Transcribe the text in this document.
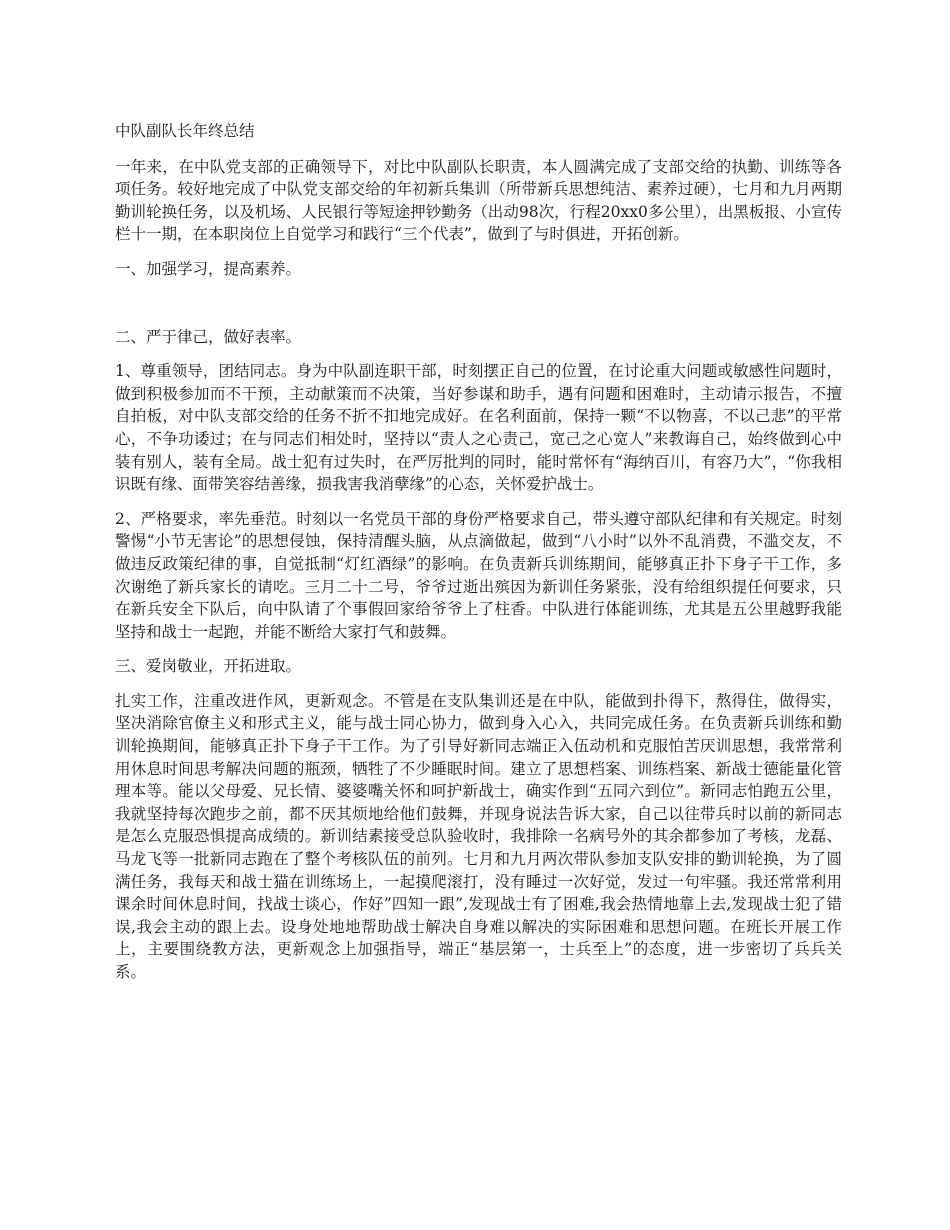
中队副队长年终总结

一年来，在中队党支部的正确领导下，对比中队副队长职责，本人圆满完成了支部交给的执勤、训练等各项任务。较好地完成了中队党支部交给的年初新兵集训（所带新兵思想纯洁、素养过硬），七月和九月两期勤训轮换任务，以及机场、人民银行等短途押钞勤务（出动98次，行程20xx0多公里），出黑板报、小宣传栏十一期，在本职岗位上自觉学习和践行“三个代表”，做到了与时俱进，开拓创新。

一、加强学习，提高素养。

二、严于律己，做好表率。

1、尊重领导，团结同志。身为中队副连职干部，时刻摆正自己的位置，在讨论重大问题或敏感性问题时，做到积极参加而不干预，主动献策而不决策，当好参谋和助手，遇有问题和困难时，主动请示报告，不擅自拍板，对中队支部交给的任务不折不扣地完成好。在名利面前，保持一颗“不以物喜，不以己悲”的平常心，不争功诿过；在与同志们相处时，坚持以“责人之心责己，宽己之心宽人”来教诲自己，始终做到心中装有别人，装有全局。战士犯有过失时，在严厉批判的同时，能时常怀有“海纳百川，有容乃大”，“你我相识既有缘、面带笑容结善缘，损我害我消孽缘”的心态，关怀爱护战士。

2、严格要求，率先垂范。时刻以一名党员干部的身份严格要求自己，带头遵守部队纪律和有关规定。时刻警惕“小节无害论”的思想侵蚀，保持清醒头脑，从点滴做起，做到“八小时”以外不乱消费，不滥交友，不做违反政策纪律的事，自觉抵制“灯红酒绿”的影响。在负责新兵训练期间，能够真正扑下身子干工作，多次谢绝了新兵家长的请吃。三月二十二号，爷爷过逝出殡因为新训任务紧张，没有给组织提任何要求，只在新兵安全下队后，向中队请了个事假回家给爷爷上了柱香。中队进行体能训练，尤其是五公里越野我能坚持和战士一起跑，并能不断给大家打气和鼓舞。

三、爱岗敬业，开拓进取。

扎实工作，注重改进作风，更新观念。不管是在支队集训还是在中队，能做到扑得下，熬得住，做得实，坚决消除官僚主义和形式主义，能与战士同心协力，做到身入心入，共同完成任务。在负责新兵训练和勤训轮换期间，能够真正扑下身子干工作。为了引导好新同志端正入伍动机和克服怕苦厌训思想，我常常利用休息时间思考解决问题的瓶颈，牺牲了不少睡眠时间。建立了思想档案、训练档案、新战士德能量化管理本等。能以父母爱、兄长情、婆婆嘴关怀和呵护新战士，确实作到“五同六到位”。新同志怕跑五公里，我就坚持每次跑步之前，都不厌其烦地给他们鼓舞，并现身说法告诉大家，自己以往带兵时以前的新同志是怎么克服恐惧提高成绩的。新训结素接受总队验收时，我排除一名病号外的其余都参加了考核，龙磊、马龙飞等一批新同志跑在了整个考核队伍的前列。七月和九月两次带队参加支队安排的勤训轮换，为了圆满任务，我每天和战士猫在训练场上，一起摸爬滚打，没有睡过一次好觉，发过一句牢骚。我还常常利用课余时间休息时间，找战士谈心，作好”四知一跟”,发现战士有了困难,我会热情地靠上去,发现战士犯了错误,我会主动的跟上去。设身处地地帮助战士解决自身难以解决的实际困难和思想问题。在班长开展工作上，主要围绕教方法，更新观念上加强指导，端正“基层第一，士兵至上”的态度，进一步密切了兵兵关系。
